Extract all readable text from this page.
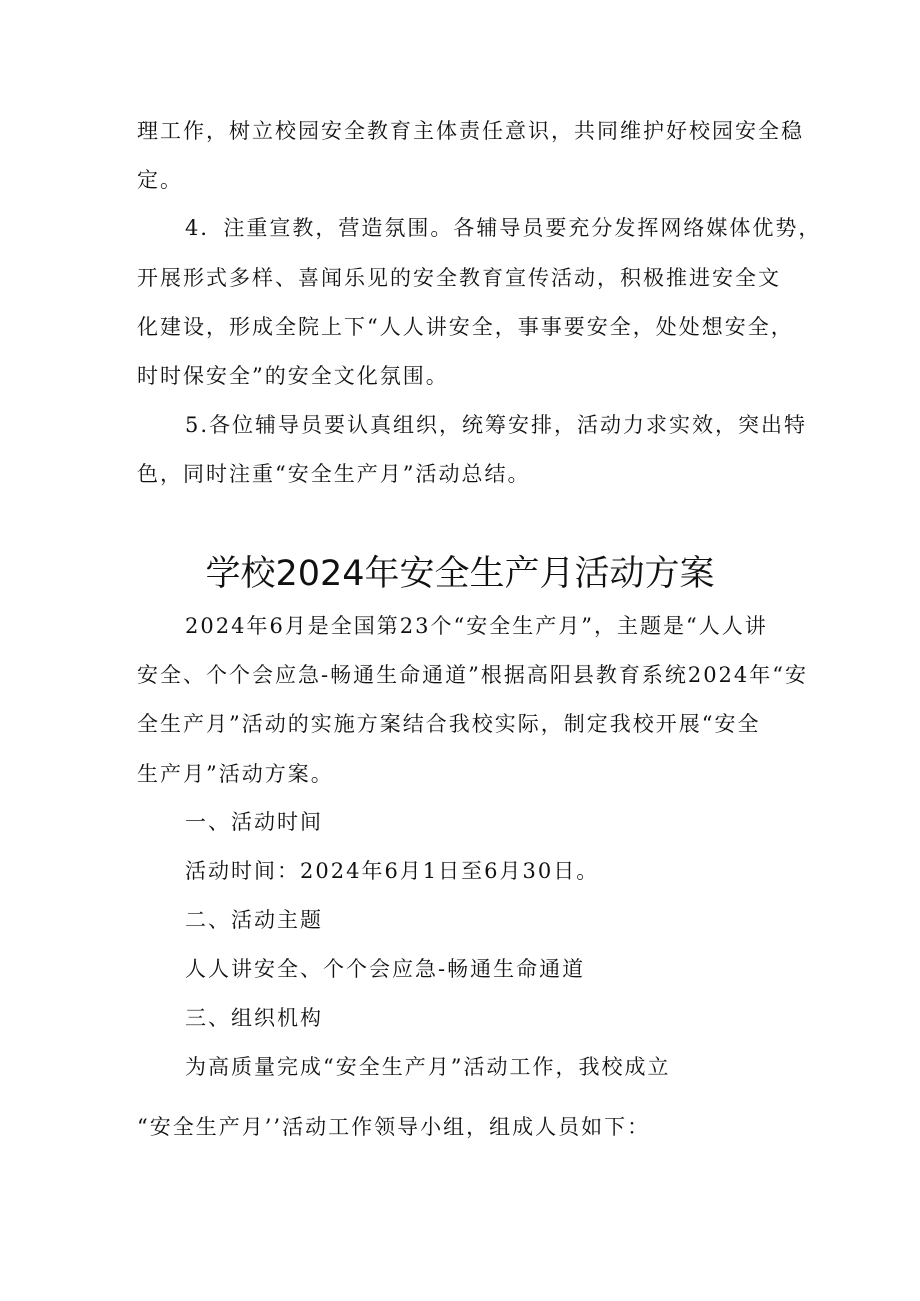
理工作，树立校园安全教育主体责任意识，共同维护好校园安全稳
定。
4．注重宣教，营造氛围。各辅导员要充分发挥网络媒体优势，
开展形式多样、喜闻乐见的安全教育宣传活动，积极推进安全文
化建设，形成全院上下“人人讲安全，事事要安全，处处想安全，
时时保安全”的安全文化氛围。
5.各位辅导员要认真组织，统筹安排，活动力求实效，突出特
色，同时注重“安全生产月”活动总结。
学校2024年安全生产月活动方案
2024年6月是全国第23个“安全生产月”，主题是“人人讲
安全、个个会应急-畅通生命通道”根据高阳县教育系统2024年“安
全生产月”活动的实施方案结合我校实际，制定我校开展“安全
生产月”活动方案。
一、活动时间
活动时间：2024年6月1日至6月30日。
二、活动主题
人人讲安全、个个会应急-畅通生命通道
三、组织机构
为高质量完成“安全生产月”活动工作，我校成立
“安全生产月’’活动工作领导小组，组成人员如下：
